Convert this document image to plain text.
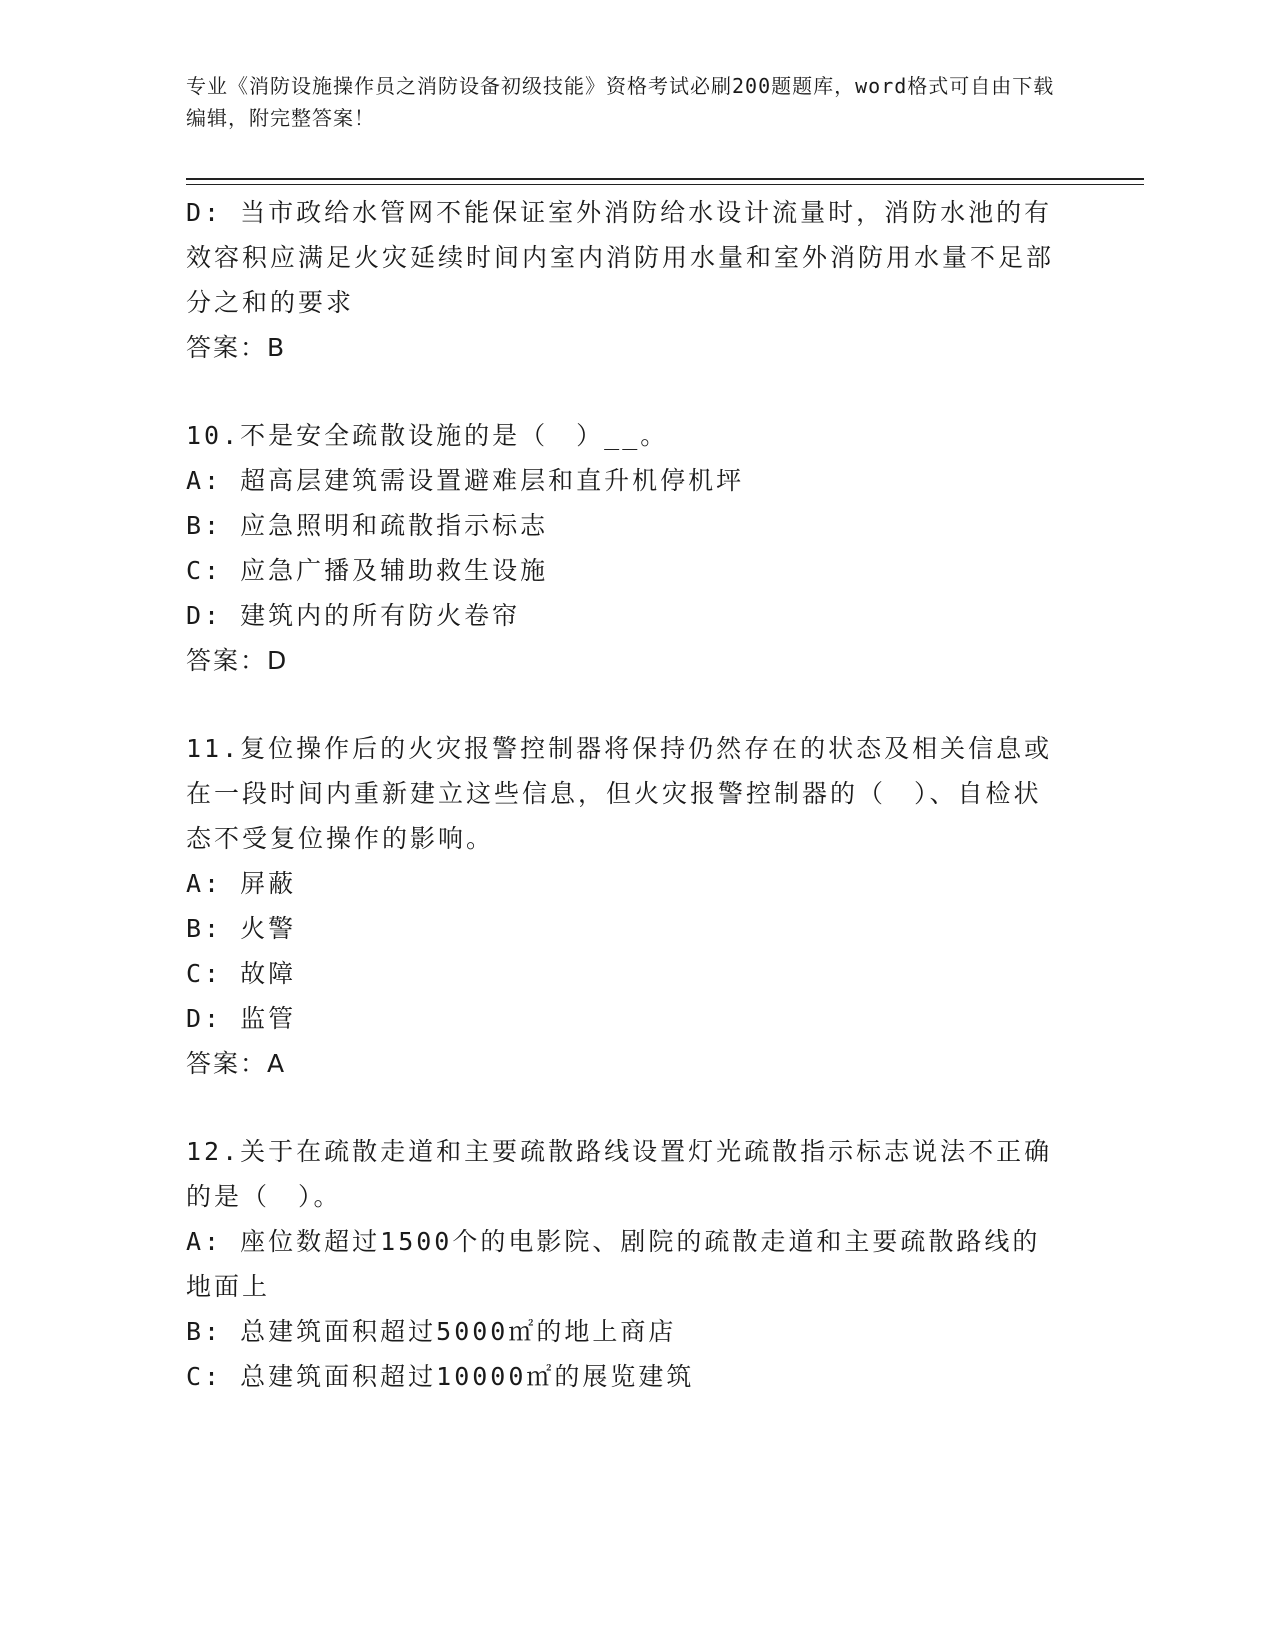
专业《消防设施操作员之消防设备初级技能》资格考试必刷200题题库，word格式可自由下载编辑，附完整答案！

D: 当市政给水管网不能保证室外消防给水设计流量时，消防水池的有效容积应满足火灾延续时间内室内消防用水量和室外消防用水量不足部分之和的要求

答案：B

10.不是安全疏散设施的是（　）__。

A: 超高层建筑需设置避难层和直升机停机坪

B: 应急照明和疏散指示标志

C: 应急广播及辅助救生设施

D: 建筑内的所有防火卷帘

答案：D

11.复位操作后的火灾报警控制器将保持仍然存在的状态及相关信息或在一段时间内重新建立这些信息，但火灾报警控制器的（　）、自检状态不受复位操作的影响。

A: 屏蔽

B: 火警

C: 故障

D: 监管

答案：A

12.关于在疏散走道和主要疏散路线设置灯光疏散指示标志说法不正确的是（　）。

A: 座位数超过1500个的电影院、剧院的疏散走道和主要疏散路线的地面上

B: 总建筑面积超过5000㎡的地上商店

C: 总建筑面积超过10000㎡的展览建筑
